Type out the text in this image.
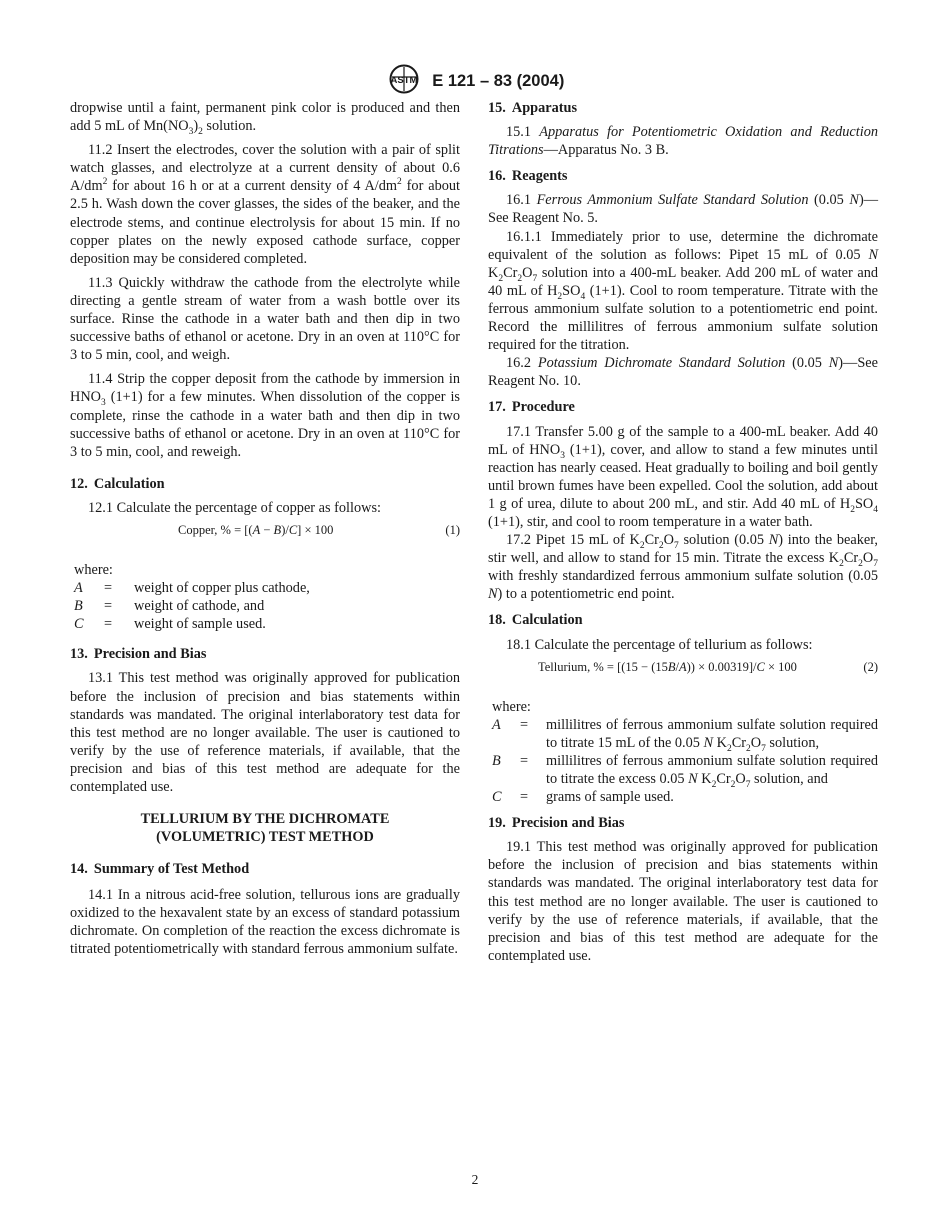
ASTM E 121 – 83 (2004)

dropwise until a faint, permanent pink color is produced and then add 5 mL of $Mn(NO_3)_2$ solution.

11.2 Insert the electrodes, cover the solution with a pair of split watch glasses, and electrolyze at a current density of about 0.6 $A/dm^2$ for about 16 h or at a current density of 4 $A/dm^2$ for about 2.5 h. Wash down the cover glasses, the sides of the beaker, and the electrode stems, and continue electrolysis for about 15 min. If no copper plates on the newly exposed cathode surface, copper deposition may be considered completed.

11.3 Quickly withdraw the cathode from the electrolyte while directing a gentle stream of water from a wash bottle over its surface. Rinse the cathode in a water bath and then dip in two successive baths of ethanol or acetone. Dry in an oven at 110°C for 3 to 5 min, cool, and weigh.

11.4 Strip the copper deposit from the cathode by immersion in $HNO_3$ (1+1) for a few minutes. When dissolution of the copper is complete, rinse the cathode in a water bath and then dip in two successive baths of ethanol or acetone. Dry in an oven at 110°C for 3 to 5 min, cool, and reweigh.

12. Calculation

12.1 Calculate the percentage of copper as follows:

Copper, % = [(A − B)/C] × 100	(1)
where:
A	=	weight of copper plus cathode,
B	=	weight of cathode, and
C	=	weight of sample used.
13. Precision and Bias

13.1 This test method was originally approved for publication before the inclusion of precision and bias statements within standards was mandated. The original interlaboratory test data for this test method are no longer available. The user is cautioned to verify by the use of reference materials, if available, that the precision and bias of this test method are adequate for the contemplated use.

TELLURIUM BY THE DICHROMATE
(VOLUMETRIC) TEST METHOD
14. Summary of Test Method

14.1 In a nitrous acid-free solution, tellurous ions are gradually oxidized to the hexavalent state by an excess of standard potassium dichromate. On completion of the reaction the excess dichromate is titrated potentiometrically with standard ferrous ammonium sulfate.

15. Apparatus

15.1 Apparatus for Potentiometric Oxidation and Reduction Titrations—Apparatus No. 3 B.

16. Reagents

16.1 Ferrous Ammonium Sulfate Standard Solution (0.05 N)—See Reagent No. 5.

16.1.1 Immediately prior to use, determine the dichromate equivalent of the solution as follows: Pipet 15 mL of 0.05 N $K_2Cr_2O_7$ solution into a 400-mL beaker. Add 200 mL of water and 40 mL of $H_2SO_4$ (1+1). Cool to room temperature. Titrate with the ferrous ammonium sulfate solution to a potentiometric end point. Record the millilitres of ferrous ammonium sulfate solution required for the titration.

16.2 Potassium Dichromate Standard Solution (0.05 N)—See Reagent No. 10.

17. Procedure

17.1 Transfer 5.00 g of the sample to a 400-mL beaker. Add 40 mL of $HNO_3$ (1+1), cover, and allow to stand a few minutes until reaction has nearly ceased. Heat gradually to boiling and boil gently until brown fumes have been expelled. Cool the solution, add about 1 g of urea, dilute to about 200 mL, and stir. Add 40 mL of $H_2SO_4$ (1+1), stir, and cool to room temperature in a water bath.

17.2 Pipet 15 mL of $K_2Cr_2O_7$ solution (0.05 N) into the beaker, stir well, and allow to stand for 15 min. Titrate the excess $K_2Cr_2O_7$ with freshly standardized ferrous ammonium sulfate solution (0.05 N) to a potentiometric end point.

18. Calculation

18.1 Calculate the percentage of tellurium as follows:

Tellurium, % = [(15 − (15B/A)) × 0.00319]/C × 100	(2)
where:
A	=	millilitres of ferrous ammonium sulfate solution required to titrate 15 mL of the 0.05 N $K_2Cr_2O_7$ solution,
B	=	millilitres of ferrous ammonium sulfate solution required to titrate the excess 0.05 N $K_2Cr_2O_7$ solution, and
C	=	grams of sample used.
19. Precision and Bias

19.1 This test method was originally approved for publication before the inclusion of precision and bias statements within standards was mandated. The original interlaboratory test data for this test method are no longer available. The user is cautioned to verify by the use of reference materials, if available, that the precision and bias of this test method are adequate for the contemplated use.

2
